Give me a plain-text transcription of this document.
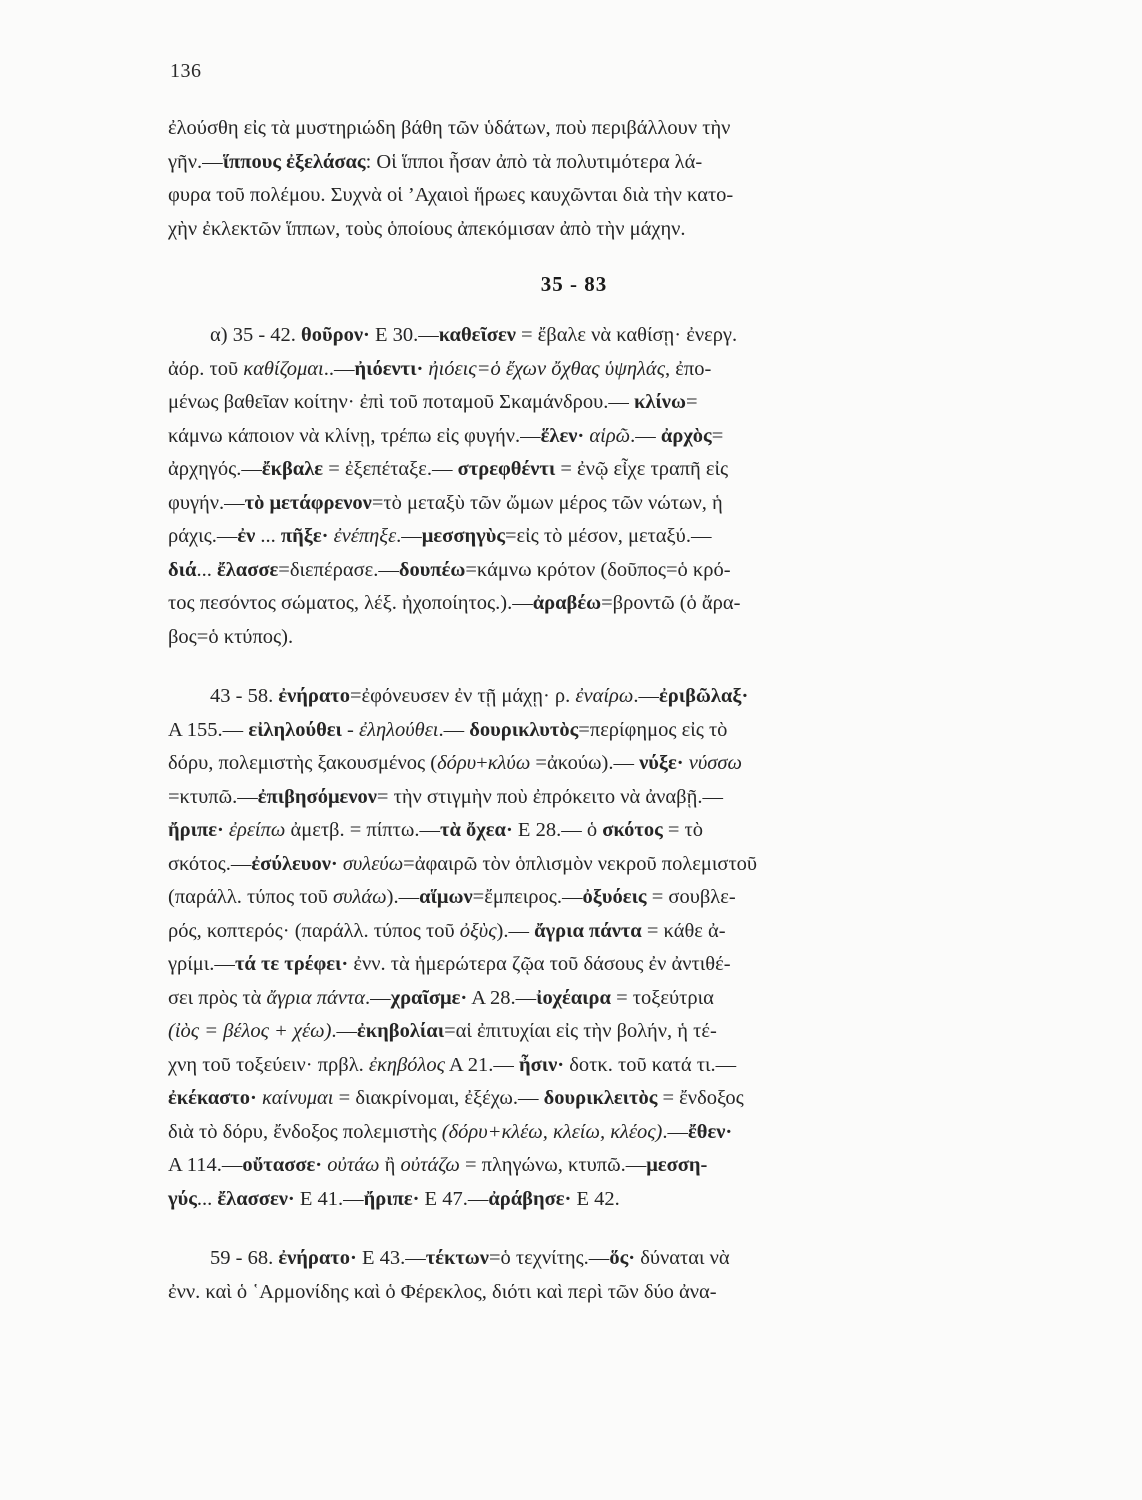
136

ἐλούσθη εἰς τὰ μυστηριώδη βάθη τῶν ὑδάτων, ποὺ περιβάλλουν τὴν

γῆν.—ἵππους ἐξελάσας: Οἱ ἵπποι ἦσαν ἀπὸ τὰ πολυτιμότερα λά-

φυρα τοῦ πολέμου. Συχνὰ οἱ ’Αχαιοὶ ἥρωες καυχῶνται διὰ τὴν κατο-

χὴν ἐκλεκτῶν ἵππων, τοὺς ὁποίους ἀπεκόμισαν ἀπὸ τὴν μάχην.

35 - 83

α) 35 - 42. θοῦρον· Ε 30.—καθεῖσεν = ἔβαλε νὰ καθίσῃ· ἐνεργ.

ἀόρ. τοῦ καθίζομαι..—ἠιόεντι· ἠιόεις=ὁ ἔχων ὄχθας ὑψηλάς, ἐπο-

μένως βαθεῖαν κοίτην· ἐπὶ τοῦ ποταμοῦ Σκαμάνδρου.— κλίνω=

κάμνω κάποιον νὰ κλίνῃ, τρέπω εἰς φυγήν.—ἕλεν· αἱρῶ.— ἀρχὸς=

ἀρχηγός.—ἔκβαλε = ἐξεπέταξε.— στρεφθέντι = ἐνῷ εἶχε τραπῆ εἰς

φυγήν.—τὸ μετάφρενον=τὸ μεταξὺ τῶν ὤμων μέρος τῶν νώτων, ἡ

ράχις.—ἐν ... πῆξε· ἐνέπηξε.—μεσσηγὺς=εἰς τὸ μέσον, μεταξύ.—

διά... ἔλασσε=διεπέρασε.—δουπέω=κάμνω κρότον (δοῦπος=ὁ κρό-

τος πεσόντος σώματος, λέξ. ἠχοποίητος.).—ἀραβέω=βροντῶ (ὁ ἄρα-

βος=ὁ κτύπος).

43 - 58. ἐνήρατο=ἐφόνευσεν ἐν τῇ μάχῃ· ρ. ἐναίρω.—ἐριβῶλαξ·

Α 155.— εἰληλούθει - ἐληλούθει.— δουρικλυτὸς=περίφημος εἰς τὸ

δόρυ, πολεμιστὴς ξακουσμένος (δόρυ+κλύω =ἀκούω).— νύξε· νύσσω

=κτυπῶ.—ἐπιβησόμενον= τὴν στιγμὴν ποὺ ἐπρόκειτο νὰ ἀναβῇ.—

ἤριπε· ἐρείπω ἀμετβ. = πίπτω.—τὰ ὄχεα· Ε 28.— ὁ σκότος = τὸ

σκότος.—ἐσύλευον· συλεύω=ἀφαιρῶ τὸν ὁπλισμὸν νεκροῦ πολεμιστοῦ

(παράλλ. τύπος τοῦ συλάω).—αἵμων=ἔμπειρος.—ὀξυόεις = σουβλε-

ρός, κοπτερός· (παράλλ. τύπος τοῦ ὀξὺς).— ἄγρια πάντα = κάθε ἀ-

γρίμι.—τά τε τρέφει· ἐνν. τὰ ἡμερώτερα ζῷα τοῦ δάσους ἐν ἀντιθέ-

σει πρὸς τὰ ἄγρια πάντα.—χραῖσμε· Α 28.—ἰοχέαιρα = τοξεύτρια

(ἰὸς = βέλος + χέω).—ἐκηβολίαι=αἱ ἐπιτυχίαι εἰς τὴν βολήν, ἡ τέ-

χνη τοῦ τοξεύειν· πρβλ. ἐκηβόλος Α 21.— ἦσιν· δοτκ. τοῦ κατά τι.—

ἐκέκαστο· καίνυμαι = διακρίνομαι, ἐξέχω.— δουρικλειτὸς = ἔνδοξος

διὰ τὸ δόρυ, ἔνδοξος πολεμιστὴς (δόρυ+κλέω, κλείω, κλέος).—ἔθεν·

Α 114.—οὔτασσε· οὐτάω ἢ οὐτάζω = πληγώνω, κτυπῶ.—μεσση-

γύς... ἔλασσεν· Ε 41.—ἤριπε· Ε 47.—ἀράβησε· Ε 42.

59 - 68. ἐνήρατο· Ε 43.—τέκτων=ὁ τεχνίτης.—ὅς· δύναται νὰ

ἐνν. καὶ ὁ ῾Αρμονίδης καὶ ὁ Φέρεκλος, διότι καὶ περὶ τῶν δύο ἀνα-
